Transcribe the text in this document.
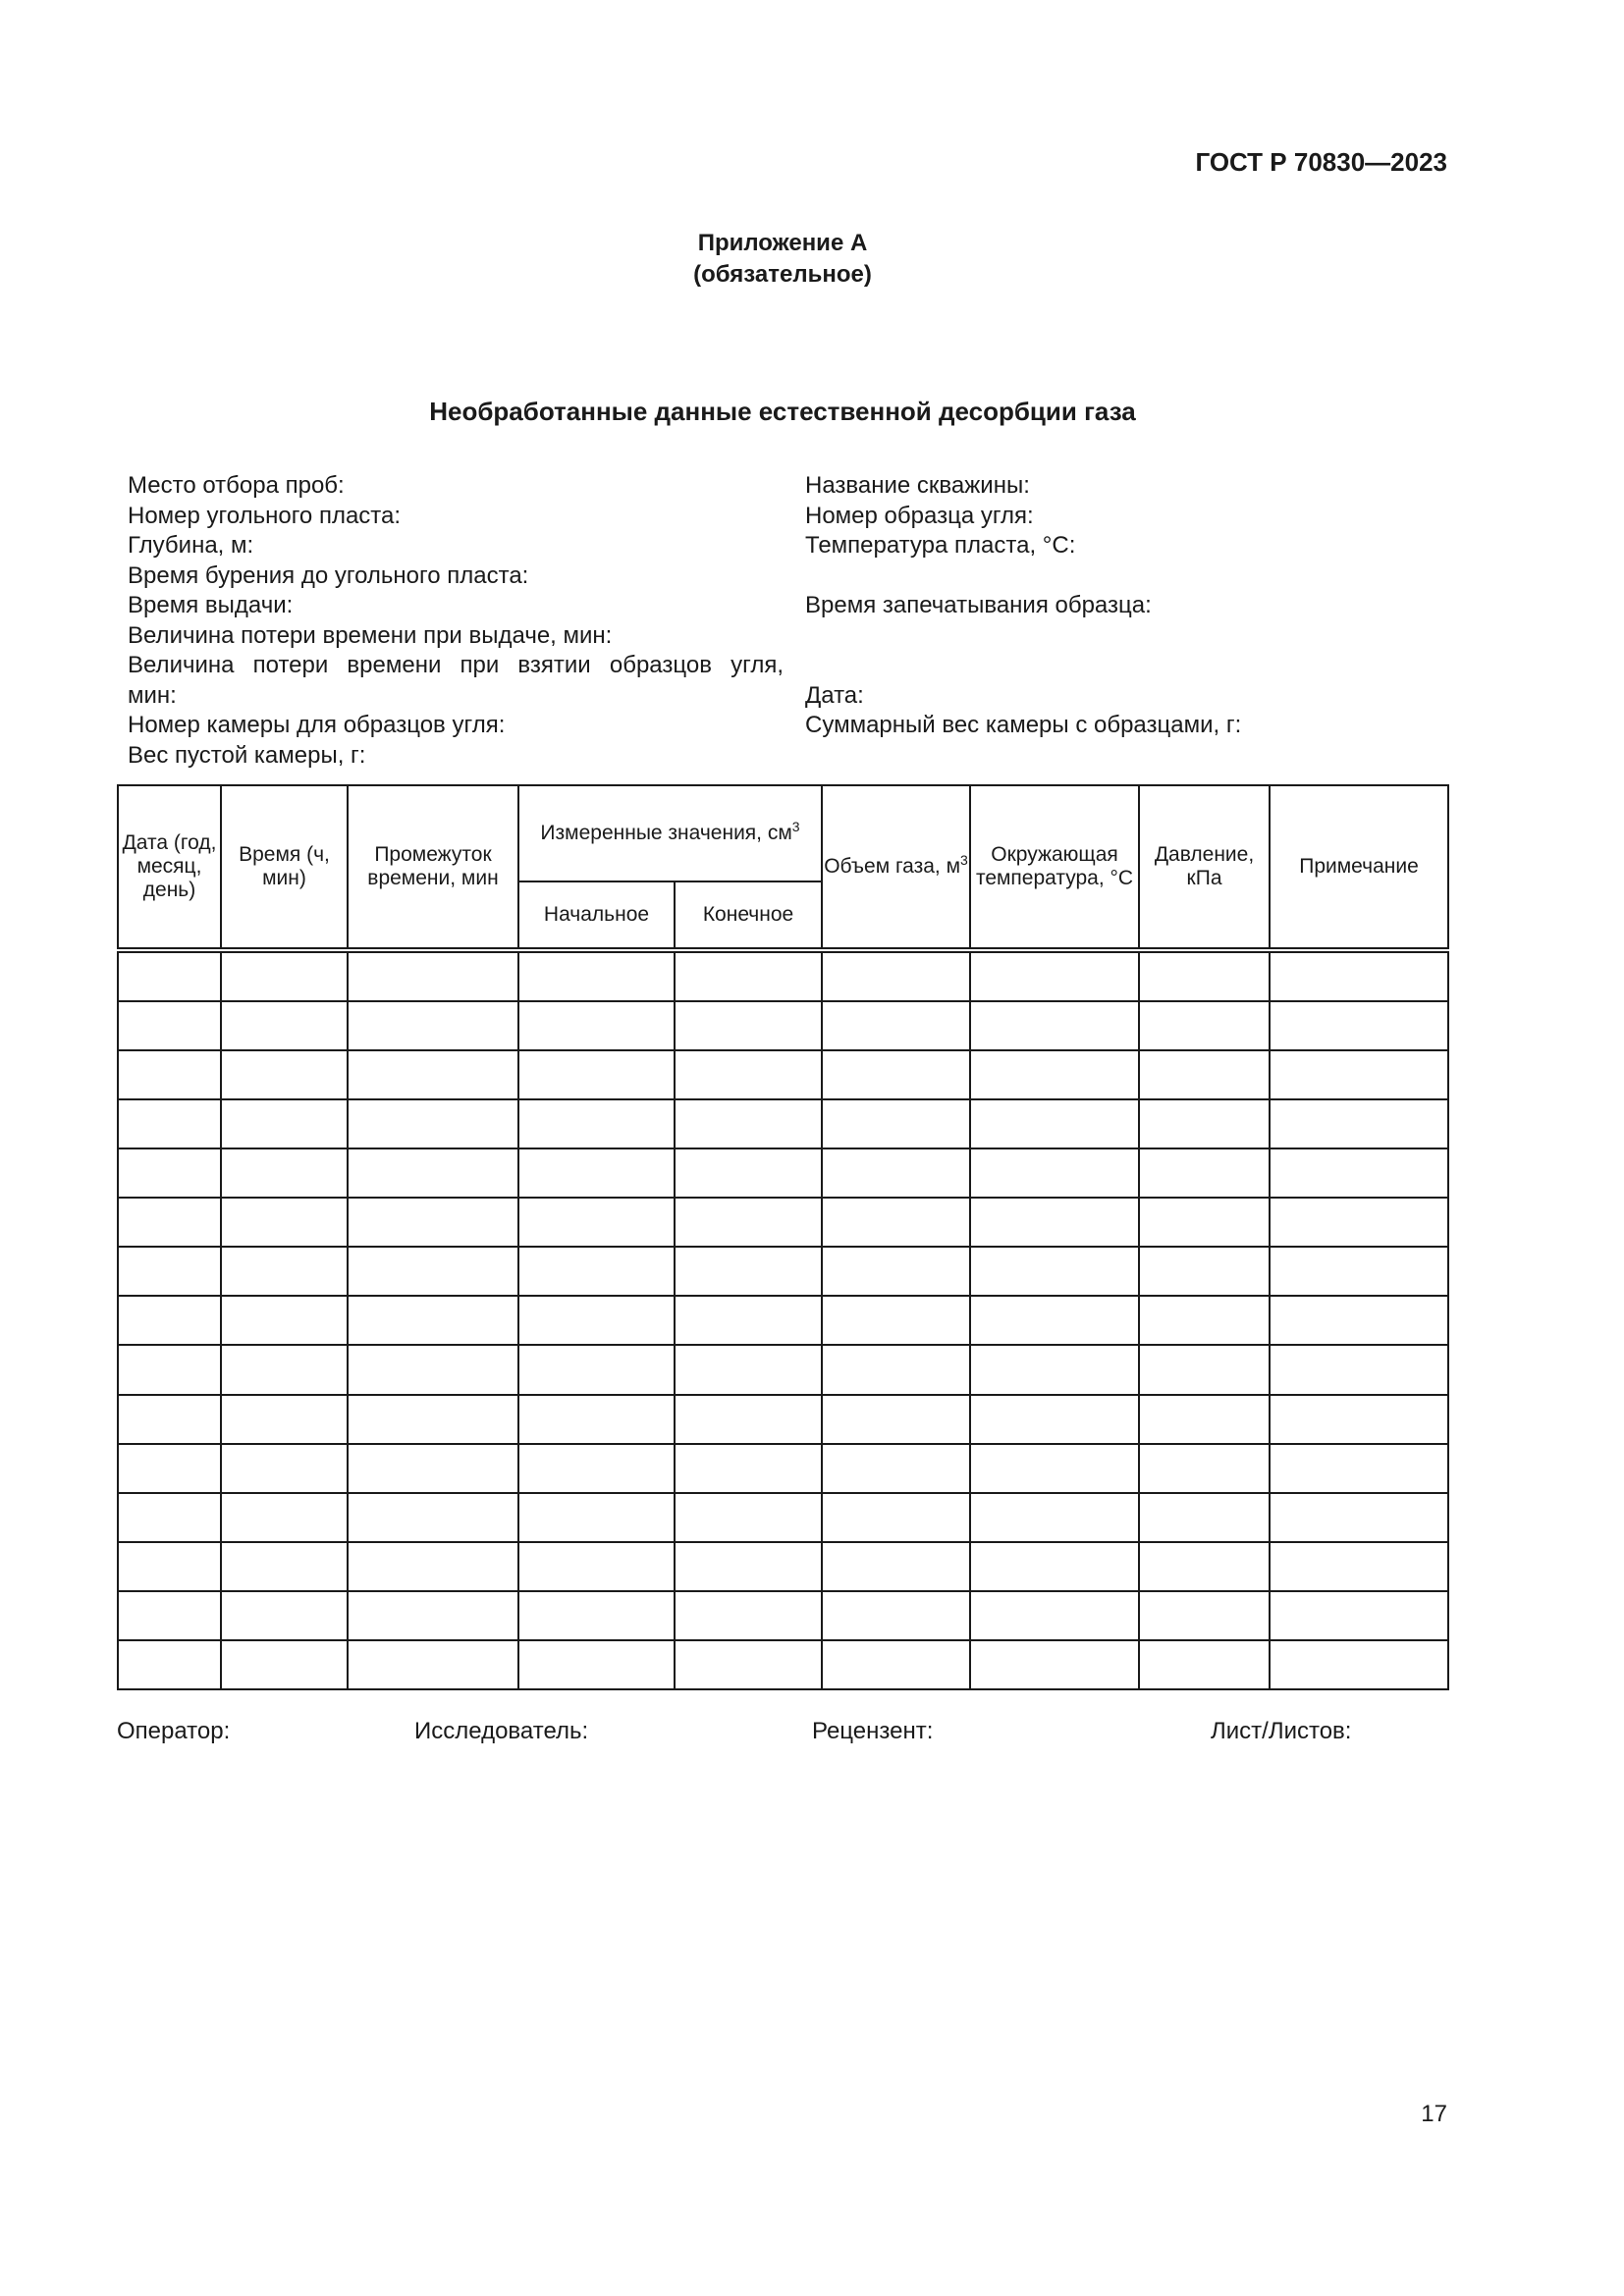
ГОСТ Р 70830—2023
Приложение А
(обязательное)
Необработанные данные естественной десорбции газа
Место отбора проб:
Номер угольного пласта:
Глубина, м:
Время бурения до угольного пласта:
Время выдачи:
Величина потери времени при выдаче, мин:
Величина потери времени при взятии образцов угля,
мин:
Номер камеры для образцов угля:
Вес пустой камеры, г:
Название скважины:
Номер образца угля:
Температура пласта, °С:
Время запечатывания образца:
Дата:
Суммарный вес камеры с образцами, г:
Дата (год, месяц, день)	Время (ч, мин)	Промежуток времени, мин	Измеренные значения, $см^3$		Объем газа, $м^3$	Окружающая температура, °С	Давление, кПа	Примечание
			Начальное	Конечное				

Оператор:	Исследователь:	Рецензент:	Лист/Листов:
17
